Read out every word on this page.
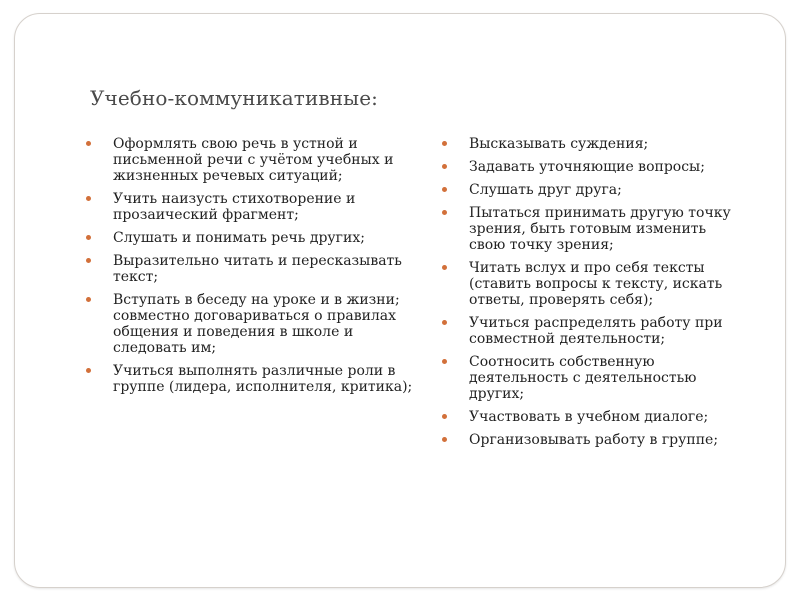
Учебно-коммуникативные:
Оформлять свою речь в устной и письменной речи с учётом учебных и жизненных речевых ситуаций;
Учить наизусть стихотворение и прозаический фрагмент;
Слушать и понимать речь других;
Выразительно читать и пересказывать текст;
Вступать в беседу на уроке и в жизни; совместно договариваться о правилах общения и поведения в школе и следовать им;
Учиться выполнять различные роли в группе (лидера, исполнителя, критика);
Высказывать суждения;
Задавать уточняющие вопросы;
Слушать друг друга;
Пытаться принимать другую точку зрения, быть готовым изменить свою точку зрения;
Читать вслух и про себя тексты (ставить вопросы к тексту, искать ответы, проверять себя);
Учиться распределять работу при совместной деятельности;
Соотносить собственную деятельность с деятельностью других;
Участвовать в учебном диалоге;
Организовывать работу в группе;
